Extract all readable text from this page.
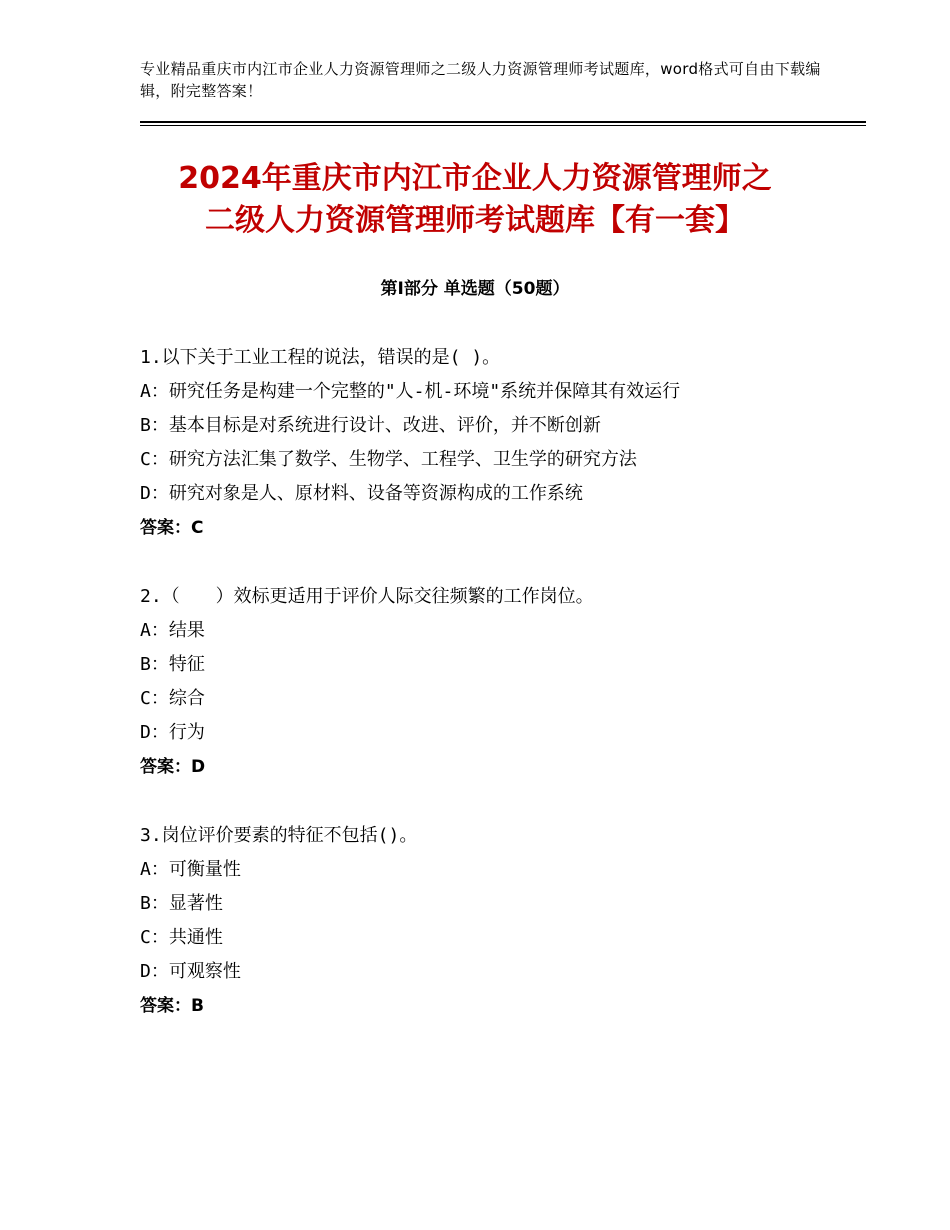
专业精品重庆市内江市企业人力资源管理师之二级人力资源管理师考试题库，word格式可自由下载编辑，附完整答案！
2024年重庆市内江市企业人力资源管理师之
二级人力资源管理师考试题库【有一套】
第Ⅰ部分 单选题（50题）
1.以下关于工业工程的说法，错误的是( )。
A：研究任务是构建一个完整的"人-机-环境"系统并保障其有效运行
B：基本目标是对系统进行设计、改进、评价，并不断创新
C：研究方法汇集了数学、生物学、工程学、卫生学的研究方法
D：研究对象是人、原材料、设备等资源构成的工作系统
答案：C
2.（　　）效标更适用于评价人际交往频繁的工作岗位。
A：结果
B：特征
C：综合
D：行为
答案：D
3.岗位评价要素的特征不包括()。
A：可衡量性
B：显著性
C：共通性
D：可观察性
答案：B
